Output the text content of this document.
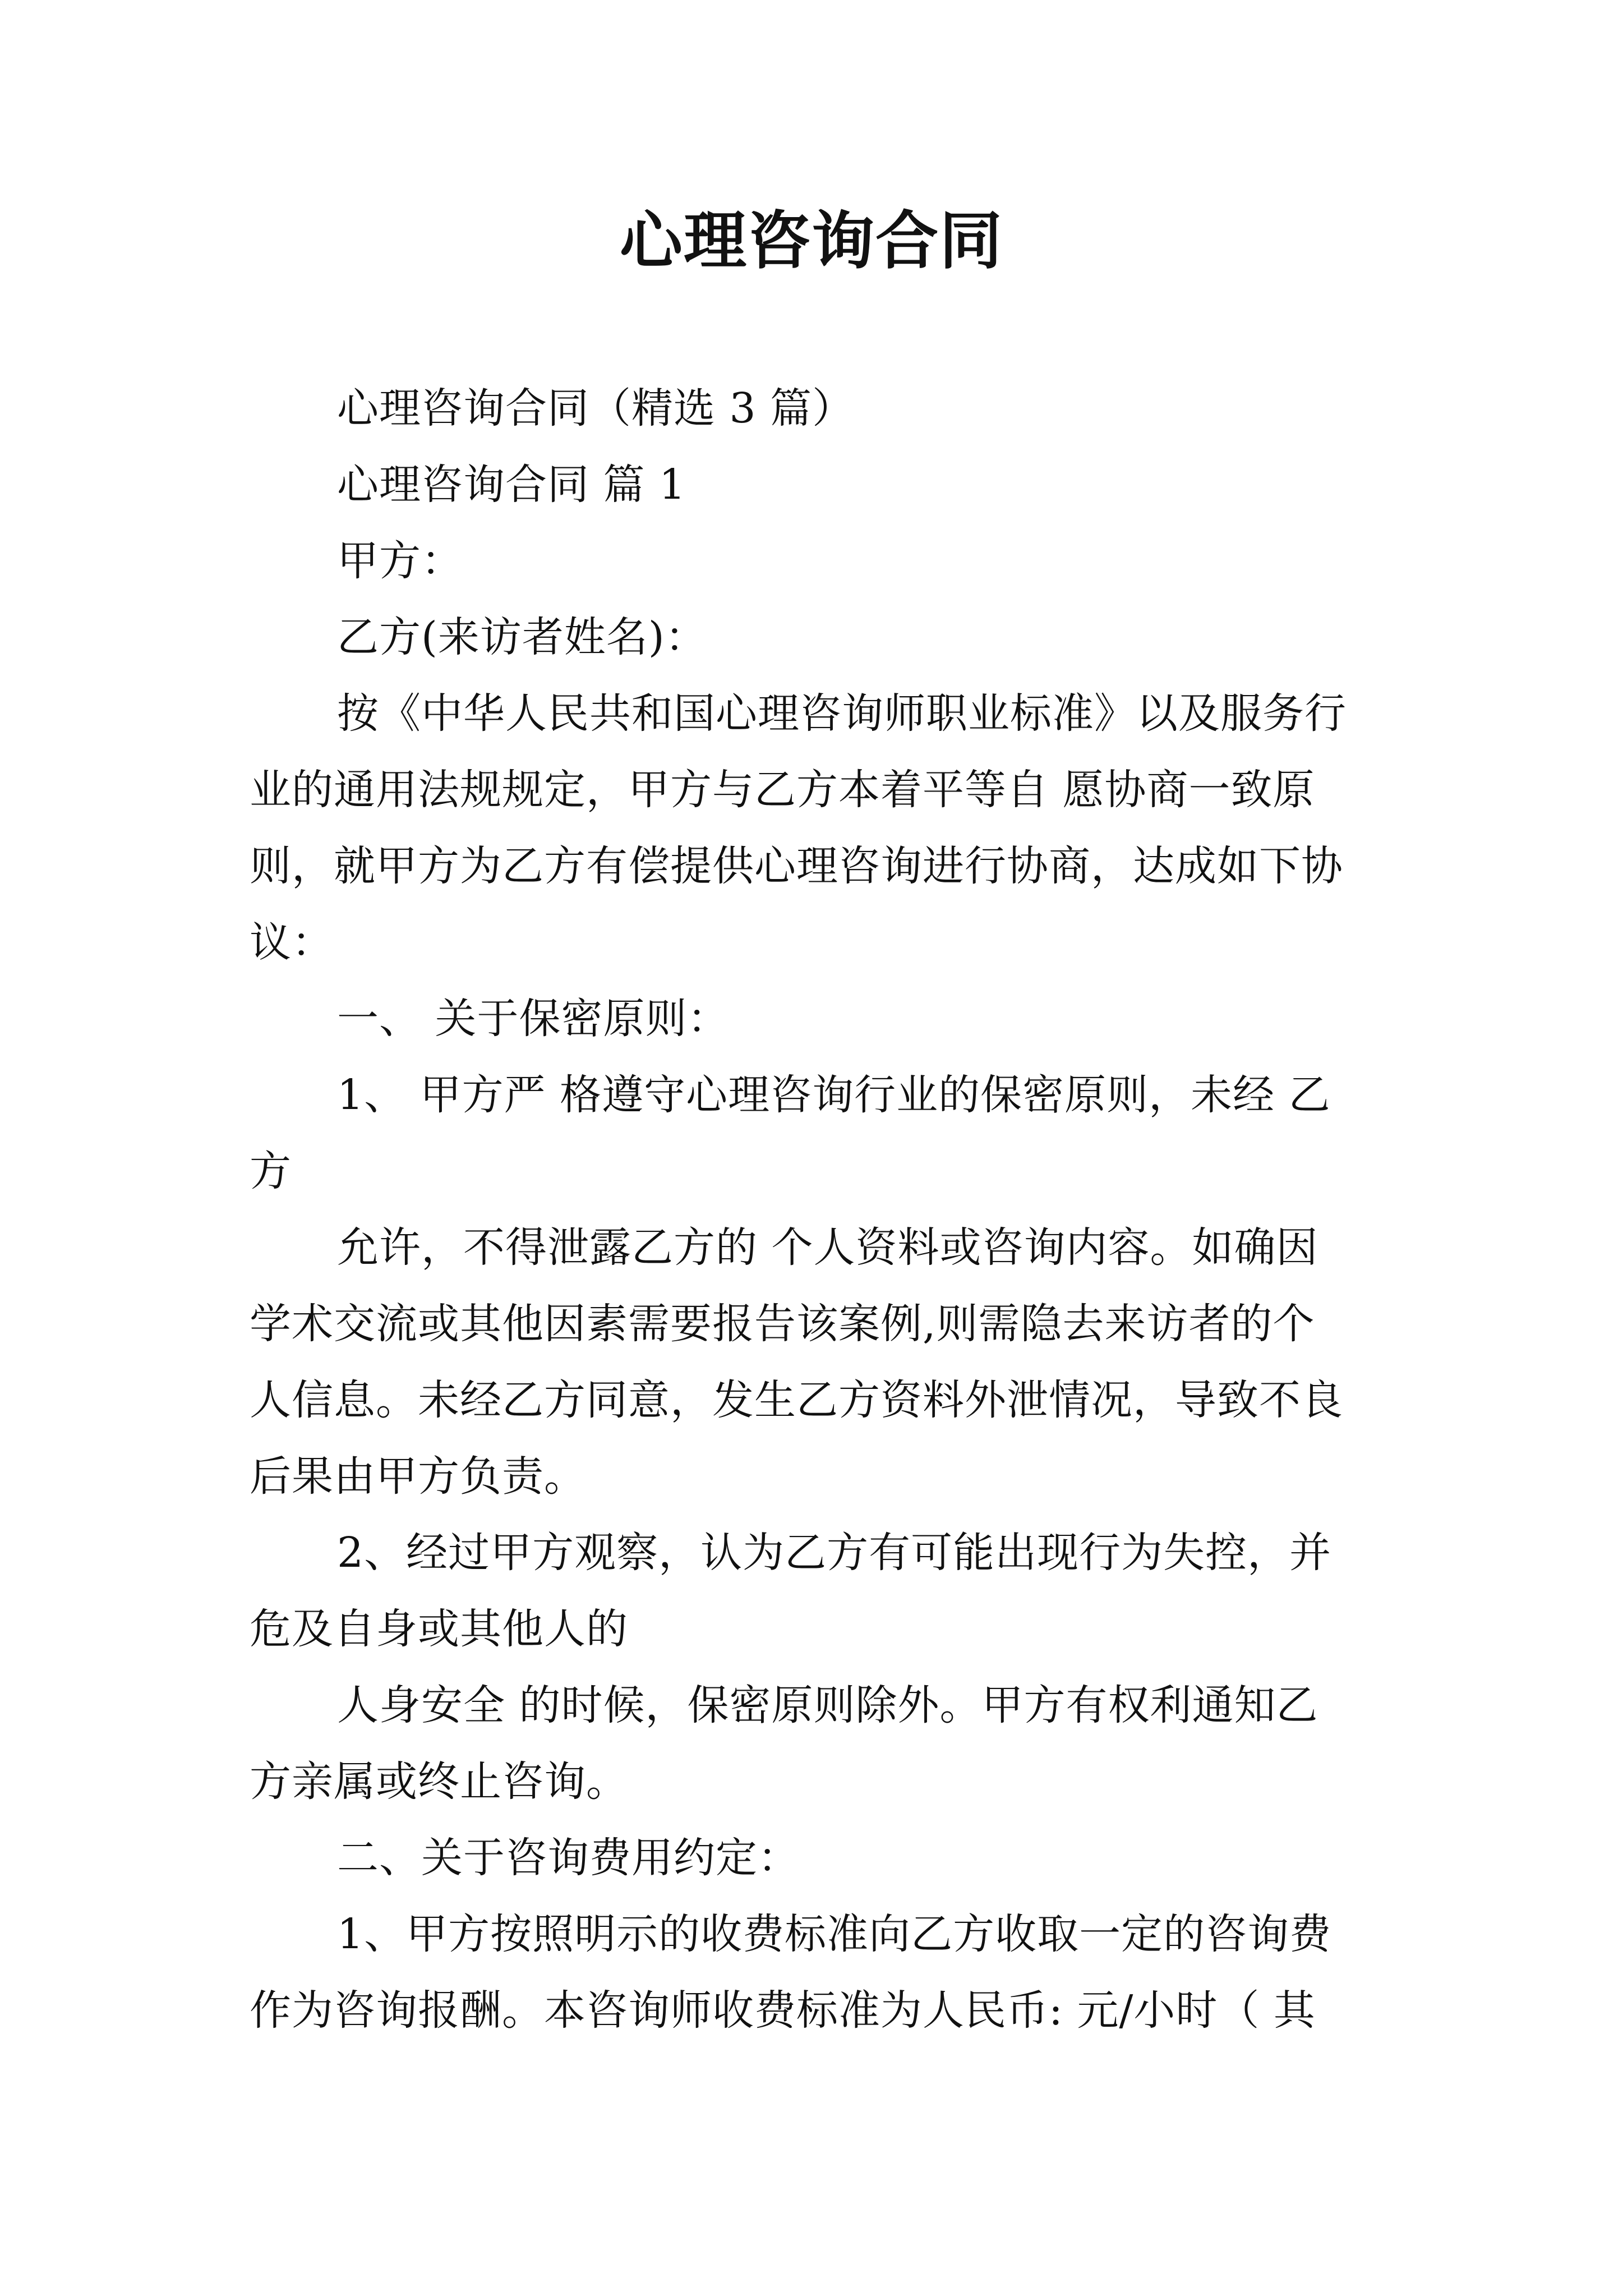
心理咨询合同
心理咨询合同（精选 3 篇）
心理咨询合同 篇 1
甲方：
乙方(来访者姓名)：
按《中华人民共和国心理咨询师职业标准》以及服务行
业的通用法规规定，甲方与乙方本着平等自 愿协商一致原
则，就甲方为乙方有偿提供心理咨询进行协商，达成如下协
议：
一、 关于保密原则：
1、 甲方严 格遵守心理咨询行业的保密原则，未经 乙
方
允许，不得泄露乙方的 个人资料或咨询内容。如确因
学术交流或其他因素需要报告该案例,则需隐去来访者的个
人信息。未经乙方同意，发生乙方资料外泄情况，导致不良
后果由甲方负责。
2、经过甲方观察，认为乙方有可能出现行为失控，并
危及自身或其他人的
人身安全 的时候，保密原则除外。甲方有权利通知乙
方亲属或终止咨询。
二、关于咨询费用约定：
1、甲方按照明示的收费标准向乙方收取一定的咨询费
作为咨询报酬。本咨询师收费标准为人民币: 元/小时（ 其
